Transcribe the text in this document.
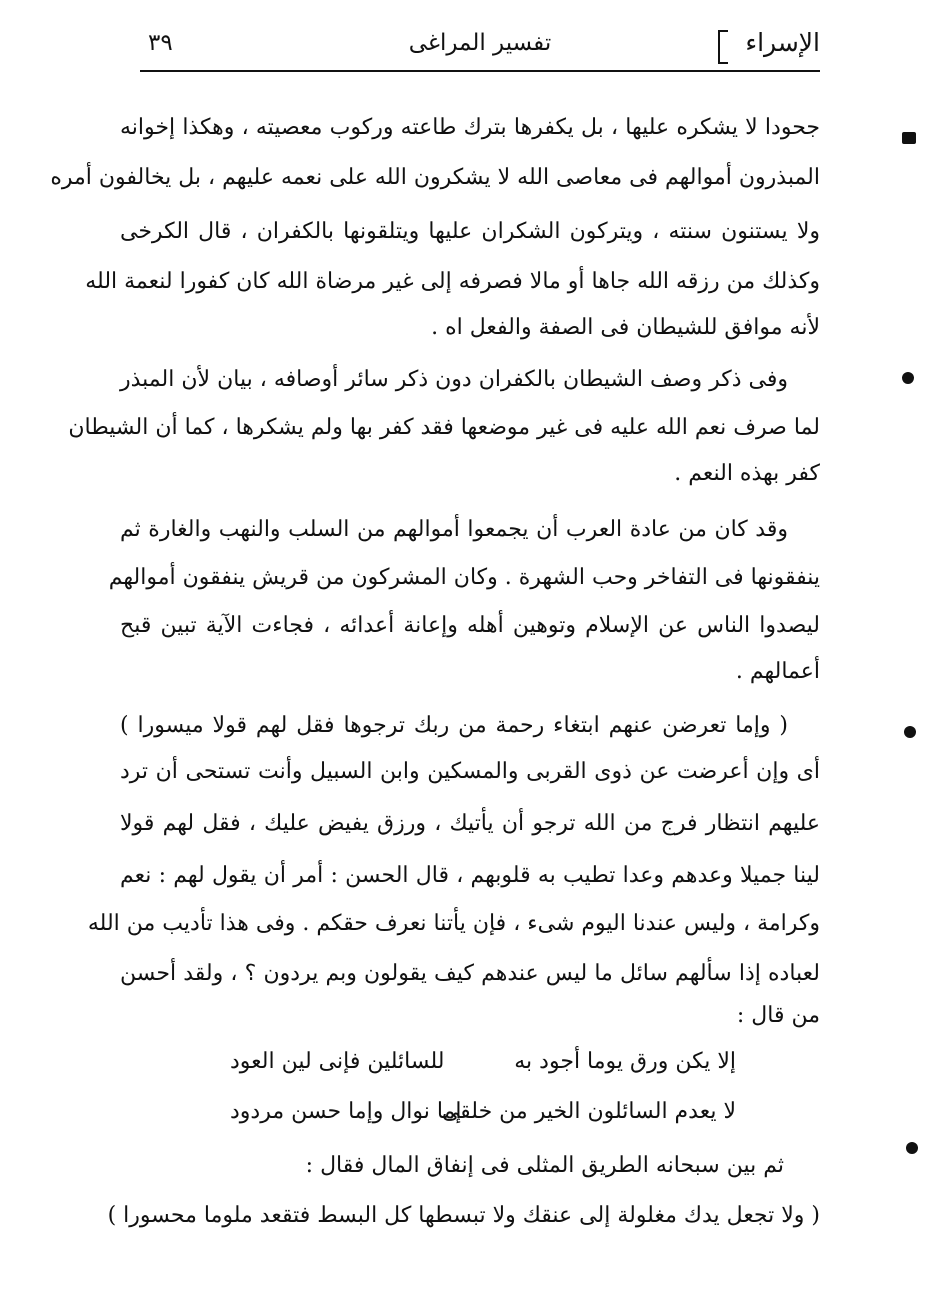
الإسراء
تفسير المراغى
٣٩
جحودا لا يشكره عليها ، بل يكفرها بترك طاعته وركوب معصيته ، وهكذا إخوانه
المبذرون أموالهم فى معاصى الله لا يشكرون الله على نعمه عليهم ، بل يخالفون أمره
ولا يستنون سنته ، ويتركون الشكران عليها ويتلقونها بالكفران ، قال الكرخى
وكذلك من رزقه الله جاها أو مالا فصرفه إلى غير مرضاة الله كان كفورا لنعمة الله
لأنه موافق للشيطان فى الصفة والفعل اه .
وفى ذكر وصف الشيطان بالكفران دون ذكر سائر أوصافه ، بيان لأن المبذر
لما صرف نعم الله عليه فى غير موضعها فقد كفر بها ولم يشكرها ، كما أن الشيطان
كفر بهذه النعم .
وقد كان من عادة العرب أن يجمعوا أموالهم من السلب والنهب والغارة ثم
ينفقونها فى التفاخر وحب الشهرة . وكان المشركون من قريش ينفقون أموالهم
ليصدوا الناس عن الإسلام وتوهين أهله وإعانة أعدائه ، فجاءت الآية تبين قبح
أعمالهم .
( وإما تعرضن عنهم ابتغاء رحمة من ربك ترجوها فقل لهم قولا ميسورا )
أى وإن أعرضت عن ذوى القربى والمسكين وابن السبيل وأنت تستحى أن ترد
عليهم انتظار فرج من الله ترجو أن يأتيك ، ورزق يفيض عليك ، فقل لهم قولا
لينا جميلا وعدهم وعدا تطيب به قلوبهم ، قال الحسن : أمر أن يقول لهم : نعم
وكرامة ، وليس عندنا اليوم شىء ، فإن يأتنا نعرف حقكم . وفى هذا تأديب من الله
لعباده إذا سألهم سائل ما ليس عندهم كيف يقولون وبم يردون ؟ ، ولقد أحسن
من قال :
إلا يكن ورق يوما أجود به
للسائلين فإنى لين العود
لا يعدم السائلون الخير من خلقى
إما نوال وإما حسن مردود
ثم بين سبحانه الطريق المثلى فى إنفاق المال فقال :
( ولا تجعل يدك مغلولة إلى عنقك ولا تبسطها كل البسط فتقعد ملوما محسورا )
